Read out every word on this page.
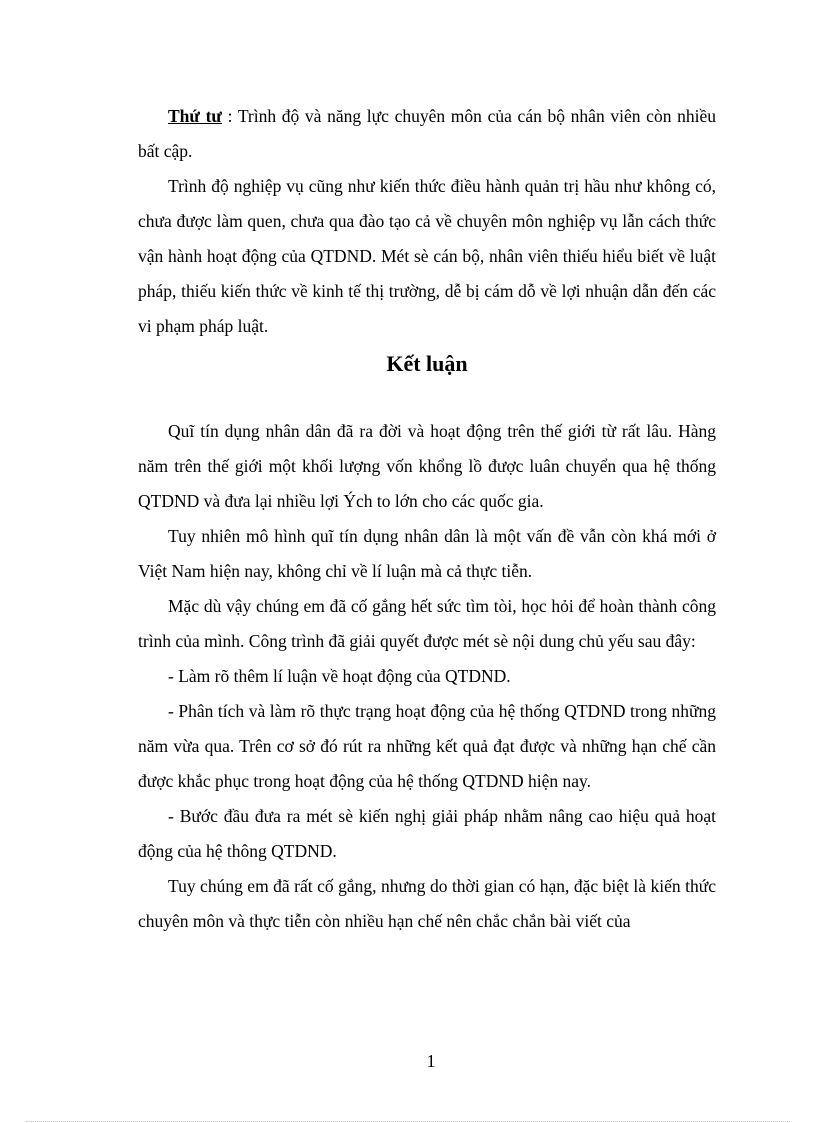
Thứ tư : Trình độ và năng lực chuyên môn của cán bộ nhân viên còn nhiều bất cập.

Trình độ nghiệp vụ cũng như kiến thức điều hành quản trị hầu như không có, chưa được làm quen, chưa qua đào tạo cả về chuyên môn nghiệp vụ lẫn cách thức vận hành hoạt động của QTDND. Mét sè cán bộ, nhân viên thiếu hiểu biết về luật pháp, thiếu kiến thức về kinh tế thị trường, dễ bị cám dỗ về lợi nhuận dẫn đến các vi phạm pháp luật.

Kết luận

Quĩ tín dụng nhân dân đã ra đời và hoạt động trên thế giới từ rất lâu. Hàng năm trên thế giới một khối lượng vốn khổng lồ được luân chuyển qua hệ thống QTDND và đưa lại nhiều lợi Ých to lớn cho các quốc gia.

Tuy nhiên mô hình quĩ tín dụng nhân dân là một vấn đề vẫn còn khá mới ở Việt Nam hiện nay, không chỉ về lí luận mà cả thực tiễn.

Mặc dù vậy chúng em đã cố gắng hết sức tìm tòi, học hỏi để hoàn thành công trình của mình. Công trình đã giải quyết được mét sè nội dung chủ yếu sau đây:

- Làm rõ thêm lí luận về hoạt động của QTDND.

- Phân tích và làm rõ thực trạng hoạt động của hệ thống QTDND trong những năm vừa qua. Trên cơ sở đó rút ra những kết quả đạt được và những hạn chế cần được khắc phục trong hoạt động của hệ thống QTDND hiện nay.

- Bước đầu đưa ra mét sè kiến nghị giải pháp nhằm nâng cao hiệu quả hoạt động của hệ thông QTDND.

Tuy chúng em đã rất cố gắng, nhưng do thời gian có hạn, đặc biệt là kiến thức chuyên môn và thực tiễn còn nhiều hạn chế nên chắc chắn bài viết của

1
